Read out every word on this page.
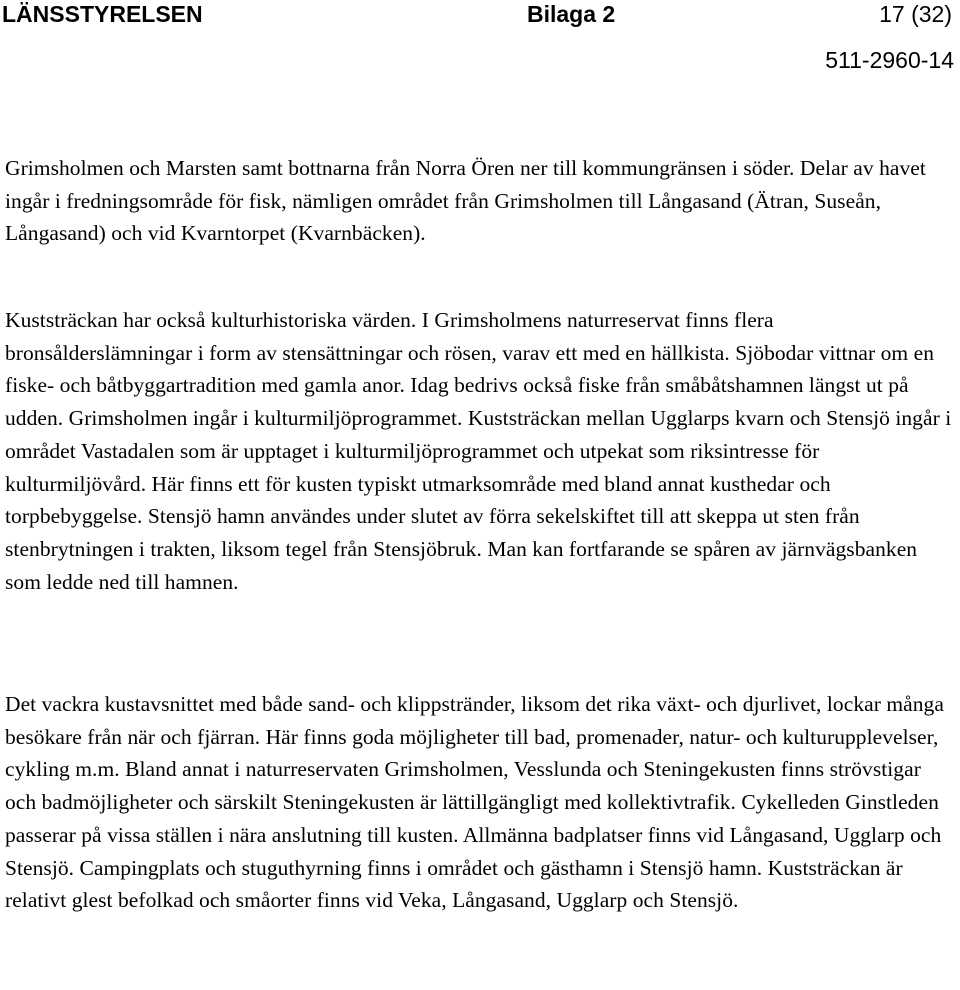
LÄNSSTYRELSEN	Bilaga 2	17 (32)
511-2960-14

Grimsholmen och Marsten samt bottnarna från Norra Ören ner till kommungränsen i söder. Delar av havet ingår i fredningsområde för fisk, nämligen området från Grimsholmen till Långasand (Ätran, Suseån, Långasand) och vid Kvarntorpet (Kvarnbäcken).

Kuststräckan har också kulturhistoriska värden. I Grimsholmens naturreservat finns flera bronsålderslämningar i form av stensättningar och rösen, varav ett med en hällkista. Sjöbodar vittnar om en fiske- och båtbyggartradition med gamla anor. Idag bedrivs också fiske från småbåtshamnen längst ut på udden. Grimsholmen ingår i kulturmiljöprogrammet. Kuststräckan mellan Ugglarps kvarn och Stensjö ingår i området Vastadalen som är upptaget i kulturmiljöprogrammet och utpekat som riksintresse för kulturmiljövård. Här finns ett för kusten typiskt utmarksområde med bland annat kusthedar och torpbebyggelse. Stensjö hamn användes under slutet av förra sekelskiftet till att skeppa ut sten från stenbrytningen i trakten, liksom tegel från Stensjöbruk. Man kan fortfarande se spåren av järnvägsbanken som ledde ned till hamnen.

Det vackra kustavsnittet med både sand- och klippstränder, liksom det rika växt- och djurlivet, lockar många besökare från när och fjärran. Här finns goda möjligheter till bad, promenader, natur- och kulturupplevelser, cykling m.m. Bland annat i naturreservaten Grimsholmen, Vesslunda och Steningekusten finns strövstigar och badmöjligheter och särskilt Steningekusten är lättillgängligt med kollektivtrafik. Cykelleden Ginstleden passerar på vissa ställen i nära anslutning till kusten. Allmänna badplatser finns vid Långasand, Ugglarp och Stensjö. Campingplats och stuguthyrning finns i området och gästhamn i Stensjö hamn. Kuststräckan är relativt glest befolkad och småorter finns vid Veka, Långasand, Ugglarp och Stensjö.
